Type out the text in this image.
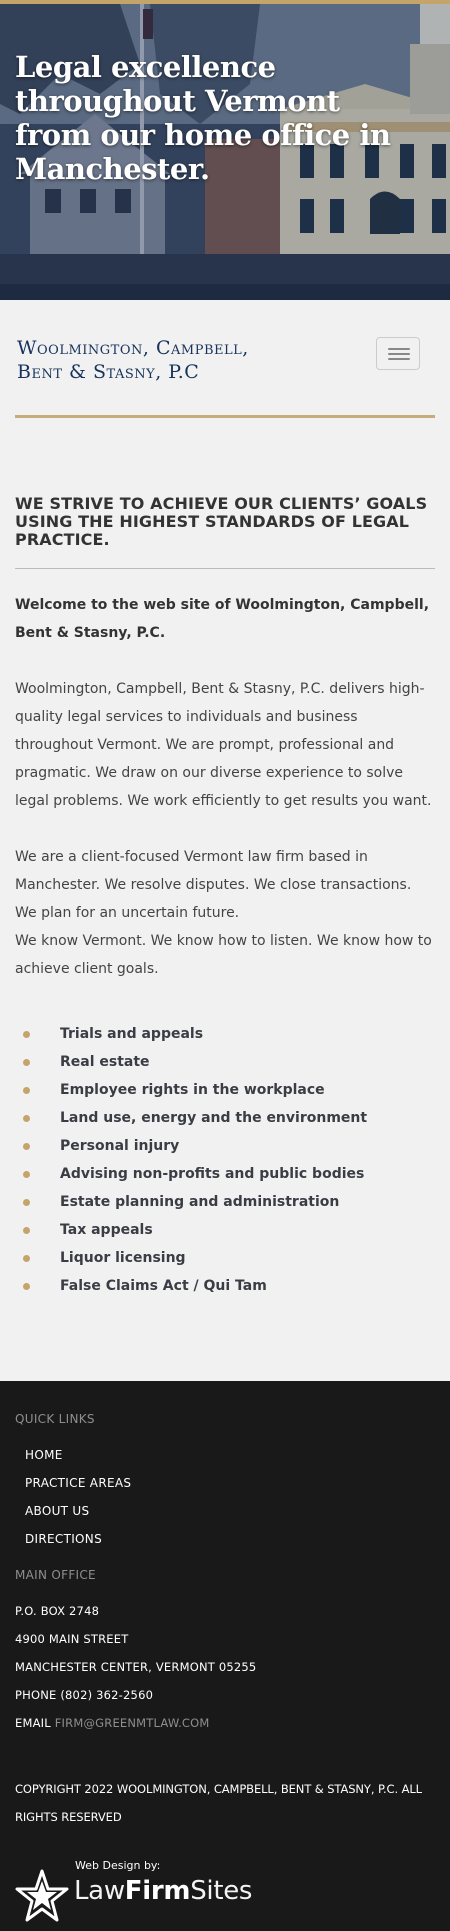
Legal excellence throughout Vermont
from our home office in Manchester.
Woolmington, Campbell,
Bent & Stasny, P.C
WE STRIVE TO ACHIEVE OUR CLIENTS’ GOALS USING THE HIGHEST STANDARDS OF LEGAL PRACTICE.

Welcome to the web site of Woolmington, Campbell, Bent & Stasny, P.C.

Woolmington, Campbell, Bent & Stasny, P.C. delivers high-quality legal services to individuals and business throughout Vermont. We are prompt, professional and pragmatic. We draw on our diverse experience to solve legal problems. We work efficiently to get results you want.

We are a client-focused Vermont law firm based in Manchester. We resolve disputes. We close transactions. We plan for an uncertain future.

We know Vermont. We know how to listen. We know how to achieve client goals.

Trials and appeals
Real estate
Employee rights in the workplace
Land use, energy and the environment
Personal injury
Advising non-profits and public bodies
Estate planning and administration
Tax appeals
Liquor licensing
False Claims Act / Qui Tam
QUICK LINKS
HOME
PRACTICE AREAS
ABOUT US
DIRECTIONS
MAIN OFFICE
P.O. BOX 2748
4900 MAIN STREET
MANCHESTER CENTER, VERMONT 05255
PHONE (802) 362-2560
EMAIL FIRM@GREENMTLAW.COM

COPYRIGHT 2022 WOOLMINGTON, CAMPBELL, BENT & STASNY, P.C. ALL RIGHTS RESERVED

Web Design by:
LawFirmSites
